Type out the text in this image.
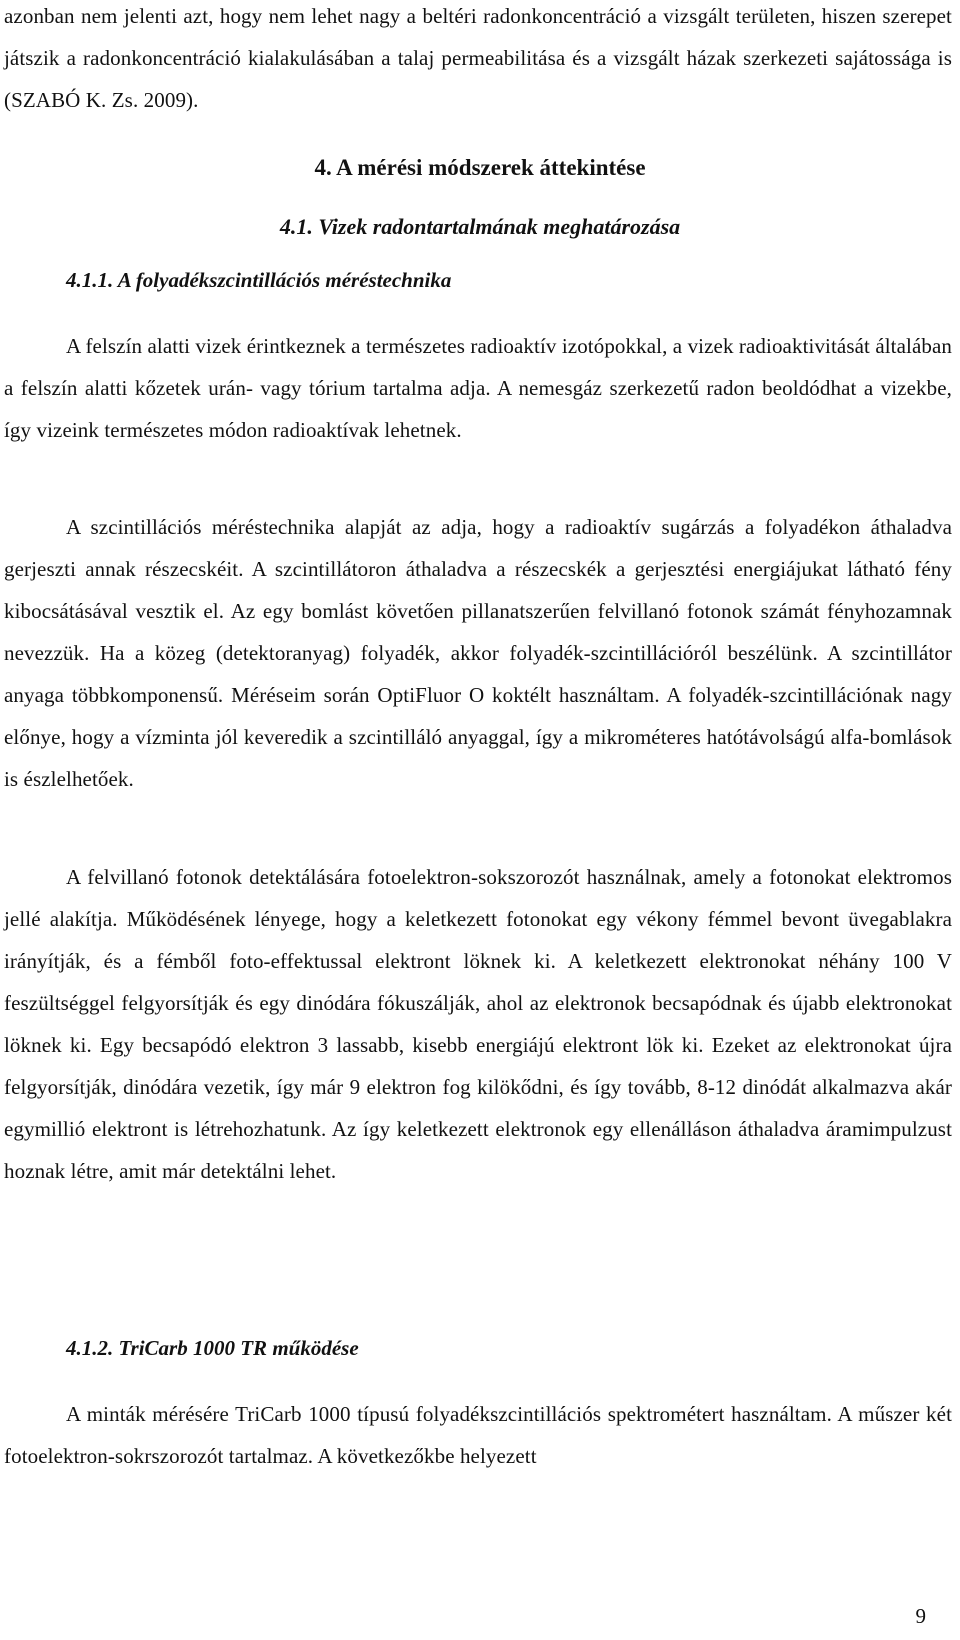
azonban nem jelenti azt, hogy nem lehet nagy a beltéri radonkoncentráció a vizsgált területen, hiszen szerepet játszik a radonkoncentráció kialakulásában a talaj permeabilitása és a vizsgált házak szerkezeti sajátossága is (SZABÓ K. Zs. 2009).

4. A mérési módszerek áttekintése
4.1. Vizek radontartalmának meghatározása
4.1.1. A folyadékszcintillációs méréstechnika

A felszín alatti vizek érintkeznek a természetes radioaktív izotópokkal, a vizek radioaktivitását általában a felszín alatti kőzetek urán- vagy tórium tartalma adja. A nemesgáz szerkezetű radon beoldódhat a vizekbe, így vizeink természetes módon radioaktívak lehetnek.

A szcintillációs méréstechnika alapját az adja, hogy a radioaktív sugárzás a folyadékon áthaladva gerjeszti annak részecskéit. A szcintillátoron áthaladva a részecskék a gerjesztési energiájukat látható fény kibocsátásával vesztik el. Az egy bomlást követően pillanatszerűen felvillanó fotonok számát fényhozamnak nevezzük. Ha a közeg (detektoranyag) folyadék, akkor folyadék-szcintillációról beszélünk. A szcintillátor anyaga többkomponensű. Méréseim során OptiFluor O koktélt használtam. A folyadék-szcintillációnak nagy előnye, hogy a vízminta jól keveredik a szcintilláló anyaggal, így a mikrométeres hatótávolságú alfa-bomlások is észlelhetőek.

A felvillanó fotonok detektálására fotoelektron-sokszorozót használnak, amely a fotonokat elektromos jellé alakítja. Működésének lényege, hogy a keletkezett fotonokat egy vékony fémmel bevont üvegablakra irányítják, és a fémből foto-effektussal elektront löknek ki. A keletkezett elektronokat néhány 100 V feszültséggel felgyorsítják és egy dinódára fókuszálják, ahol az elektronok becsapódnak és újabb elektronokat löknek ki. Egy becsapódó elektron 3 lassabb, kisebb energiájú elektront lök ki. Ezeket az elektronokat újra felgyorsítják, dinódára vezetik, így már 9 elektron fog kilökődni, és így tovább, 8-12 dinódát alkalmazva akár egymillió elektront is létrehozhatunk. Az így keletkezett elektronok egy ellenálláson áthaladva áramimpulzust hoznak létre, amit már detektálni lehet.

4.1.2. TriCarb 1000 TR működése

A minták mérésére TriCarb 1000 típusú folyadékszcintillációs spektrométert használtam. A műszer két fotoelektron-sokrszorozót tartalmaz. A következőkbe helyezett

9
